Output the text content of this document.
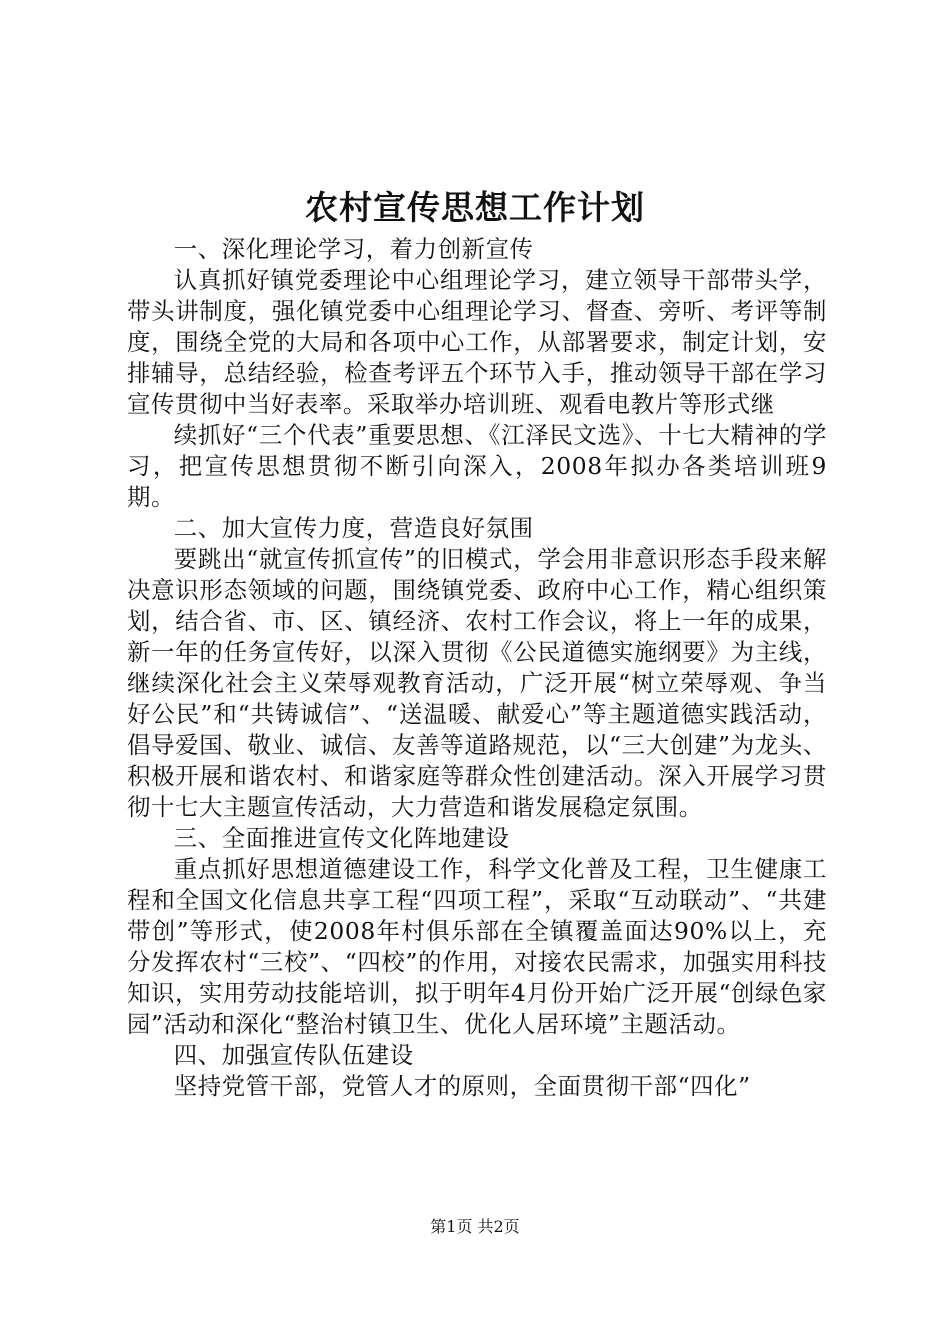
农村宣传思想工作计划

一、深化理论学习，着力创新宣传

认真抓好镇党委理论中心组理论学习，建立领导干部带头学，带头讲制度，强化镇党委中心组理论学习、督查、旁听、考评等制度，围绕全党的大局和各项中心工作，从部署要求，制定计划，安排辅导，总结经验，检查考评五个环节入手，推动领导干部在学习宣传贯彻中当好表率。采取举办培训班、观看电教片等形式继

续抓好“三个代表”重要思想、《江泽民文选》、十七大精神的学习，把宣传思想贯彻不断引向深入，2008年拟办各类培训班9期。

二、加大宣传力度，营造良好氛围

要跳出“就宣传抓宣传”的旧模式，学会用非意识形态手段来解决意识形态领域的问题，围绕镇党委、政府中心工作，精心组织策划，结合省、市、区、镇经济、农村工作会议，将上一年的成果，新一年的任务宣传好，以深入贯彻《公民道德实施纲要》为主线，继续深化社会主义荣辱观教育活动，广泛开展“树立荣辱观、争当好公民”和“共铸诚信”、“送温暖、献爱心”等主题道德实践活动，倡导爱国、敬业、诚信、友善等道路规范，以“三大创建”为龙头、积极开展和谐农村、和谐家庭等群众性创建活动。深入开展学习贯彻十七大主题宣传活动，大力营造和谐发展稳定氛围。

三、全面推进宣传文化阵地建设

重点抓好思想道德建设工作，科学文化普及工程，卫生健康工程和全国文化信息共享工程“四项工程”，采取“互动联动”、“共建带创”等形式，使2008年村俱乐部在全镇覆盖面达90%以上，充分发挥农村“三校”、“四校”的作用，对接农民需求，加强实用科技知识，实用劳动技能培训，拟于明年4月份开始广泛开展“创绿色家园”活动和深化“整治村镇卫生、优化人居环境”主题活动。

四、加强宣传队伍建设

坚持党管干部，党管人才的原则，全面贯彻干部“四化”

第1页 共2页
